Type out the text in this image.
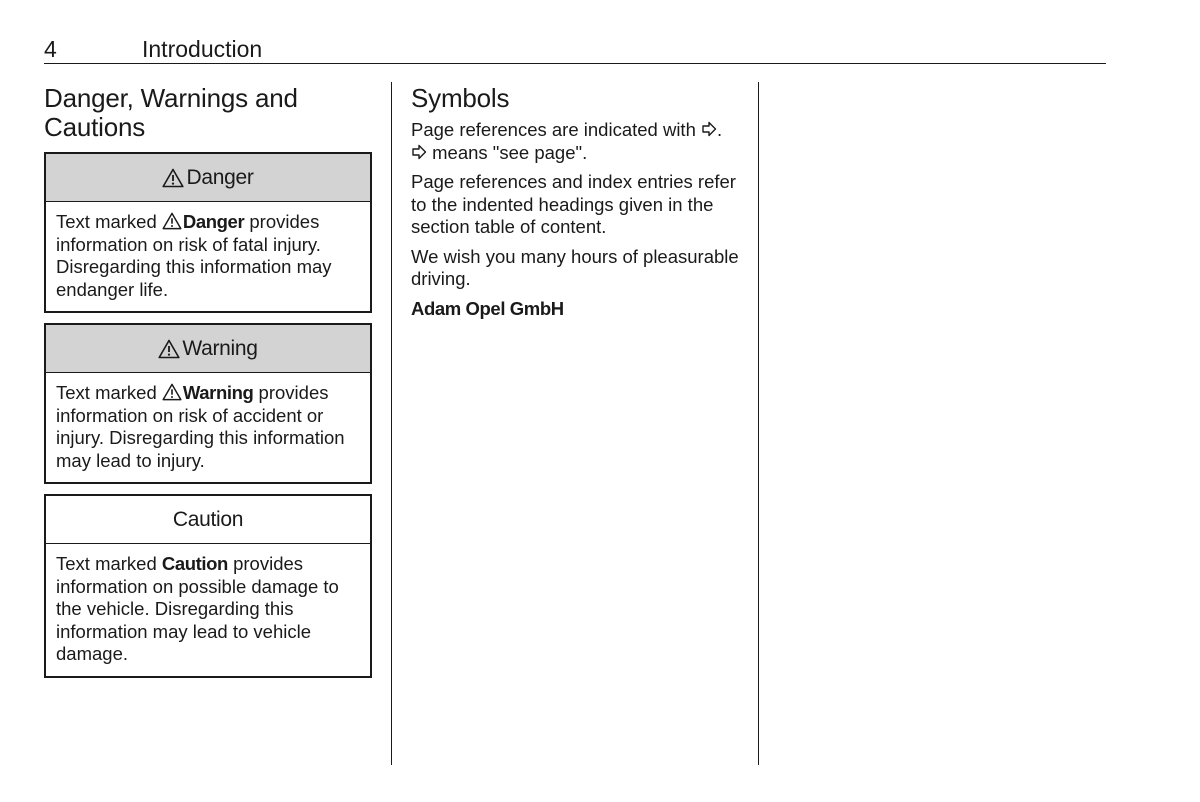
4	Introduction
Danger, Warnings and Cautions
Danger
Text marked Danger provides information on risk of fatal injury. Disregarding this information may endanger life.
Warning
Text marked Warning provides information on risk of accident or injury. Disregarding this information may lead to injury.
Caution
Text marked Caution provides information on possible damage to the vehicle. Disregarding this information may lead to vehicle damage.
Symbols

Page references are indicated with .
means "see page".

Page references and index entries refer to the indented headings given in the section table of content.

We wish you many hours of pleasurable driving.

Adam Opel GmbH
